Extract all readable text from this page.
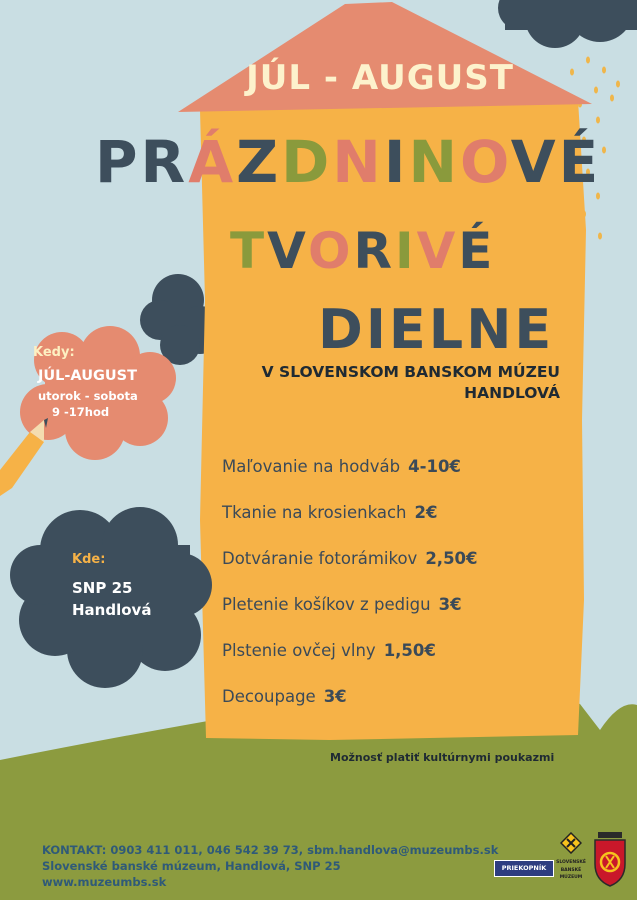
JÚL - AUGUST
PRÁZDNINOVÉ
TVORIVÉ
DIELNE
V SLOVENSKOM BANSKOM MÚZEU
HANDLOVÁ
Maľovanie na hodváb 4-10€
Tkanie na krosienkach 2€
Dotváranie fotorámikov 2,50€
Pletenie košíkov z pedigu 3€
Plstenie ovčej vlny 1,50€
Decoupage 3€
Možnosť platiť kultúrnymi poukazmi
Kedy:
JÚL-AUGUST
utorok - sobota
9 -17hod
Kde:
SNP 25
Handlová
KONTAKT: 0903 411 011, 046 542 39 73, sbm.handlova@muzeumbs.sk
Slovenské banské múzeum, Handlová, SNP 25
www.muzeumbs.sk
PRIEKOPNÍK
SLOVENSKÉ
BANSKÉ
MÚZEUM
